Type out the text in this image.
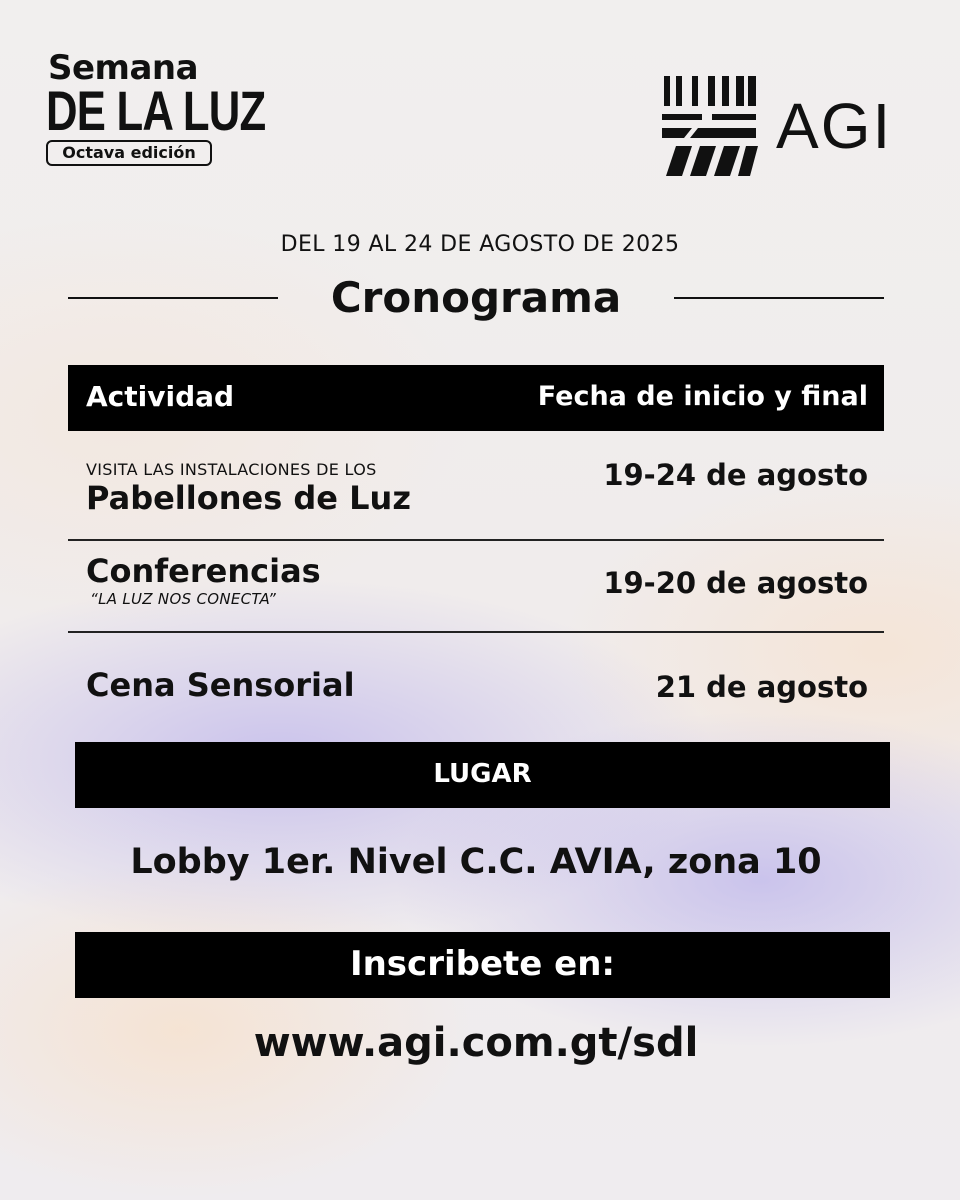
Semana
DE LA LUZ
Octava edición	AGI
DEL 19 AL 24 DE AGOSTO DE 2025
Cronograma
Actividad	Fecha de inicio y final
VISITA LAS INSTALACIONES DE LOS
Pabellones de Luz
19-24 de agosto
Conferencias
“LA LUZ NOS CONECTA”	19-20 de agosto
Cena Sensorial	21 de agosto
LUGAR
Lobby 1er. Nivel C.C. AVIA, zona 10
Inscribete en:
www.agi.com.gt/sdl
